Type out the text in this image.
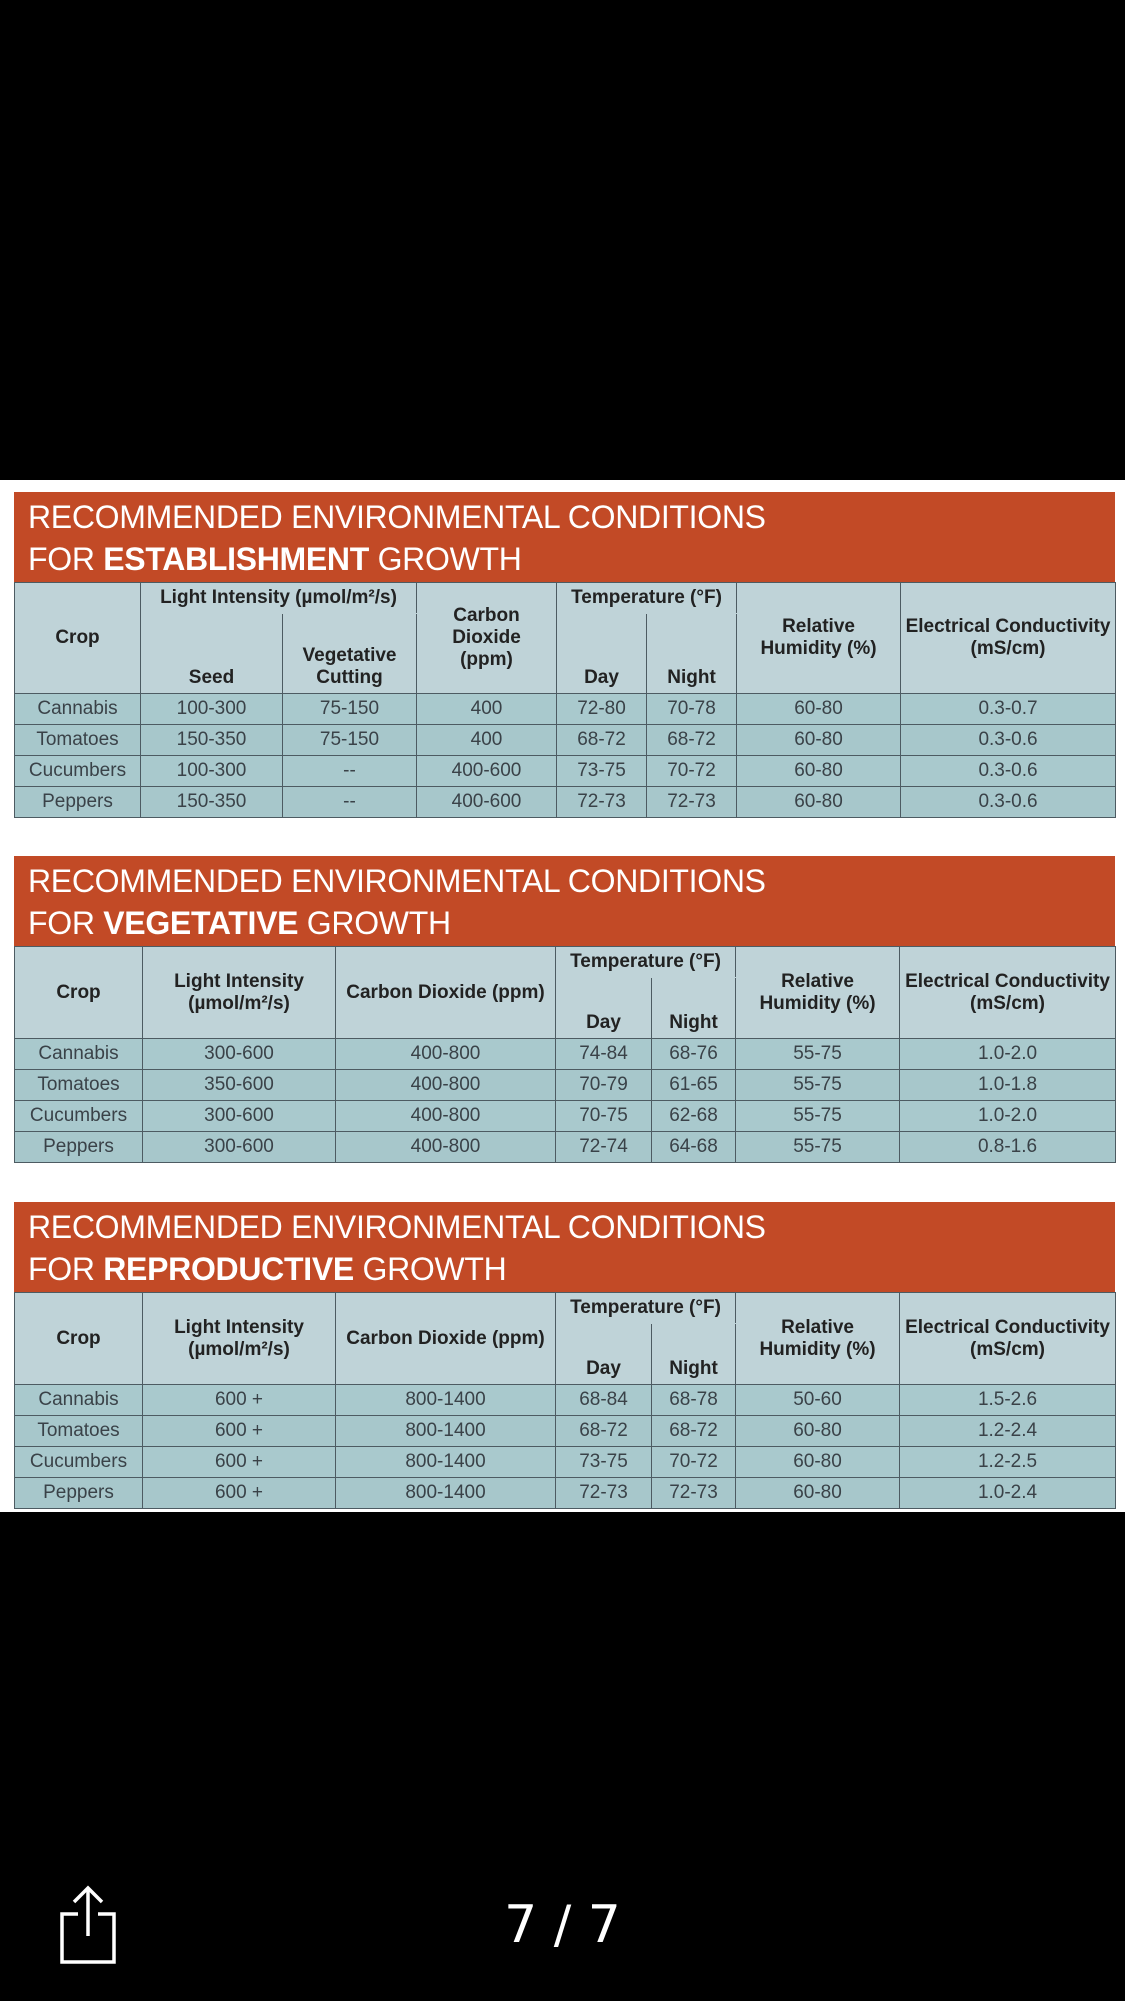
RECOMMENDED ENVIRONMENTAL CONDITIONS
FOR ESTABLISHMENT GROWTH
Crop	Light Intensity (µmol/m²/s)		Carbon
Dioxide
(ppm)	Temperature (°F)		Relative
Humidity (%)	Electrical Conductivity
(mS/cm)
	Seed	Vegetative
Cutting		Day	Night		
Cannabis	100-300	75-150	400	72-80	70-78	60-80	0.3-0.7
Tomatoes	150-350	75-150	400	68-72	68-72	60-80	0.3-0.6
Cucumbers	100-300	--	400-600	73-75	70-72	60-80	0.3-0.6
Peppers	150-350	--	400-600	72-73	72-73	60-80	0.3-0.6
RECOMMENDED ENVIRONMENTAL CONDITIONS
FOR VEGETATIVE GROWTH
Crop	Light Intensity
(µmol/m²/s)	Carbon Dioxide (ppm)	Temperature (°F)		Relative
Humidity (%)	Electrical Conductivity
(mS/cm)
			Day	Night		
Cannabis	300-600	400-800	74-84	68-76	55-75	1.0-2.0
Tomatoes	350-600	400-800	70-79	61-65	55-75	1.0-1.8
Cucumbers	300-600	400-800	70-75	62-68	55-75	1.0-2.0
Peppers	300-600	400-800	72-74	64-68	55-75	0.8-1.6
RECOMMENDED ENVIRONMENTAL CONDITIONS
FOR REPRODUCTIVE GROWTH
Crop	Light Intensity
(µmol/m²/s)	Carbon Dioxide (ppm)	Temperature (°F)		Relative
Humidity (%)	Electrical Conductivity
(mS/cm)
			Day	Night		
Cannabis	600 +	800-1400	68-84	68-78	50-60	1.5-2.6
Tomatoes	600 +	800-1400	68-72	68-72	60-80	1.2-2.4
Cucumbers	600 +	800-1400	73-75	70-72	60-80	1.2-2.5
Peppers	600 +	800-1400	72-73	72-73	60-80	1.0-2.4
7 / 7
